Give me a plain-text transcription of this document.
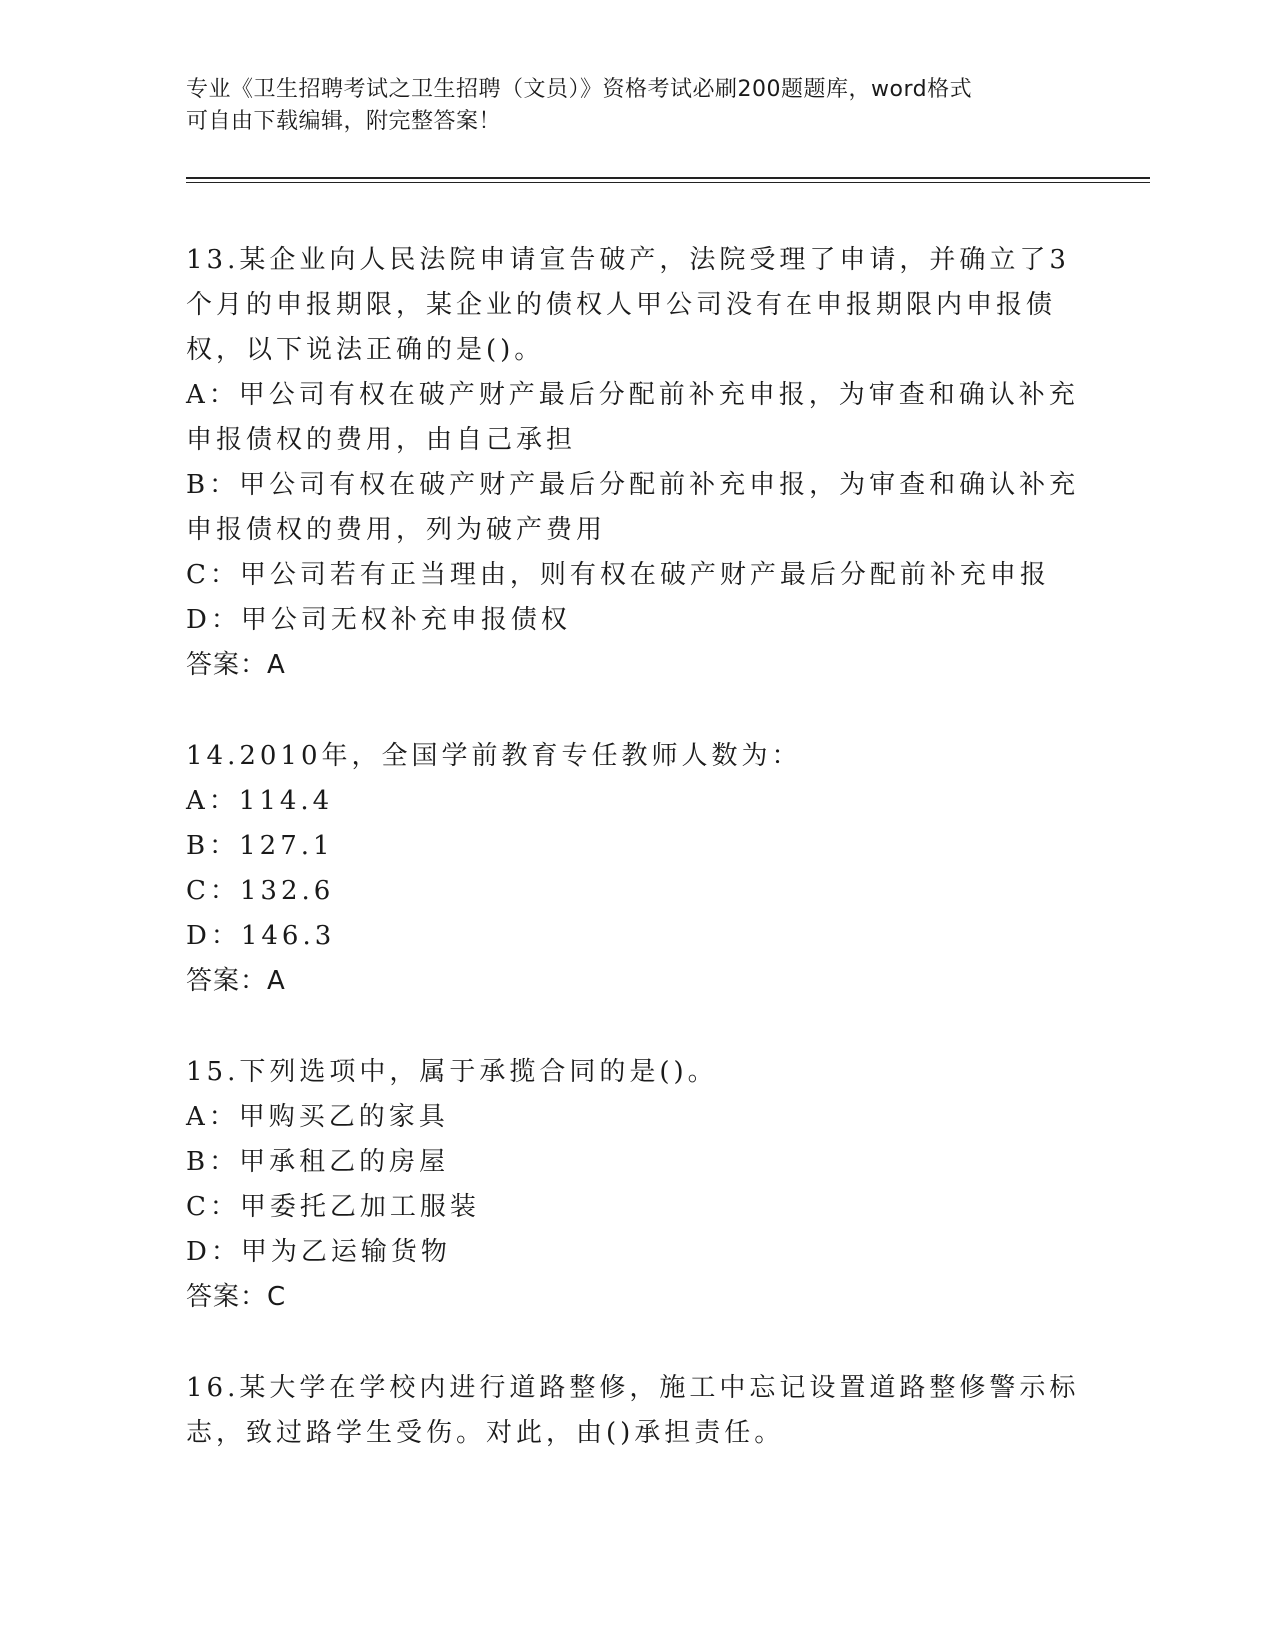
专业《卫生招聘考试之卫生招聘（文员）》资格考试必刷200题题库，word格式
可自由下载编辑，附完整答案！

13.某企业向人民法院申请宣告破产，法院受理了申请，并确立了3个月的申报期限，某企业的债权人甲公司没有在申报期限内申报债权，以下说法正确的是()。

A：甲公司有权在破产财产最后分配前补充申报，为审查和确认补充申报债权的费用，由自己承担

B：甲公司有权在破产财产最后分配前补充申报，为审查和确认补充申报债权的费用，列为破产费用

C：甲公司若有正当理由，则有权在破产财产最后分配前补充申报

D：甲公司无权补充申报债权

答案：A

14.2010年，全国学前教育专任教师人数为：

A：114.4

B：127.1

C：132.6

D：146.3

答案：A

15.下列选项中，属于承揽合同的是()。

A：甲购买乙的家具

B：甲承租乙的房屋

C：甲委托乙加工服装

D：甲为乙运输货物

答案：C

16.某大学在学校内进行道路整修，施工中忘记设置道路整修警示标志，致过路学生受伤。对此，由()承担责任。
